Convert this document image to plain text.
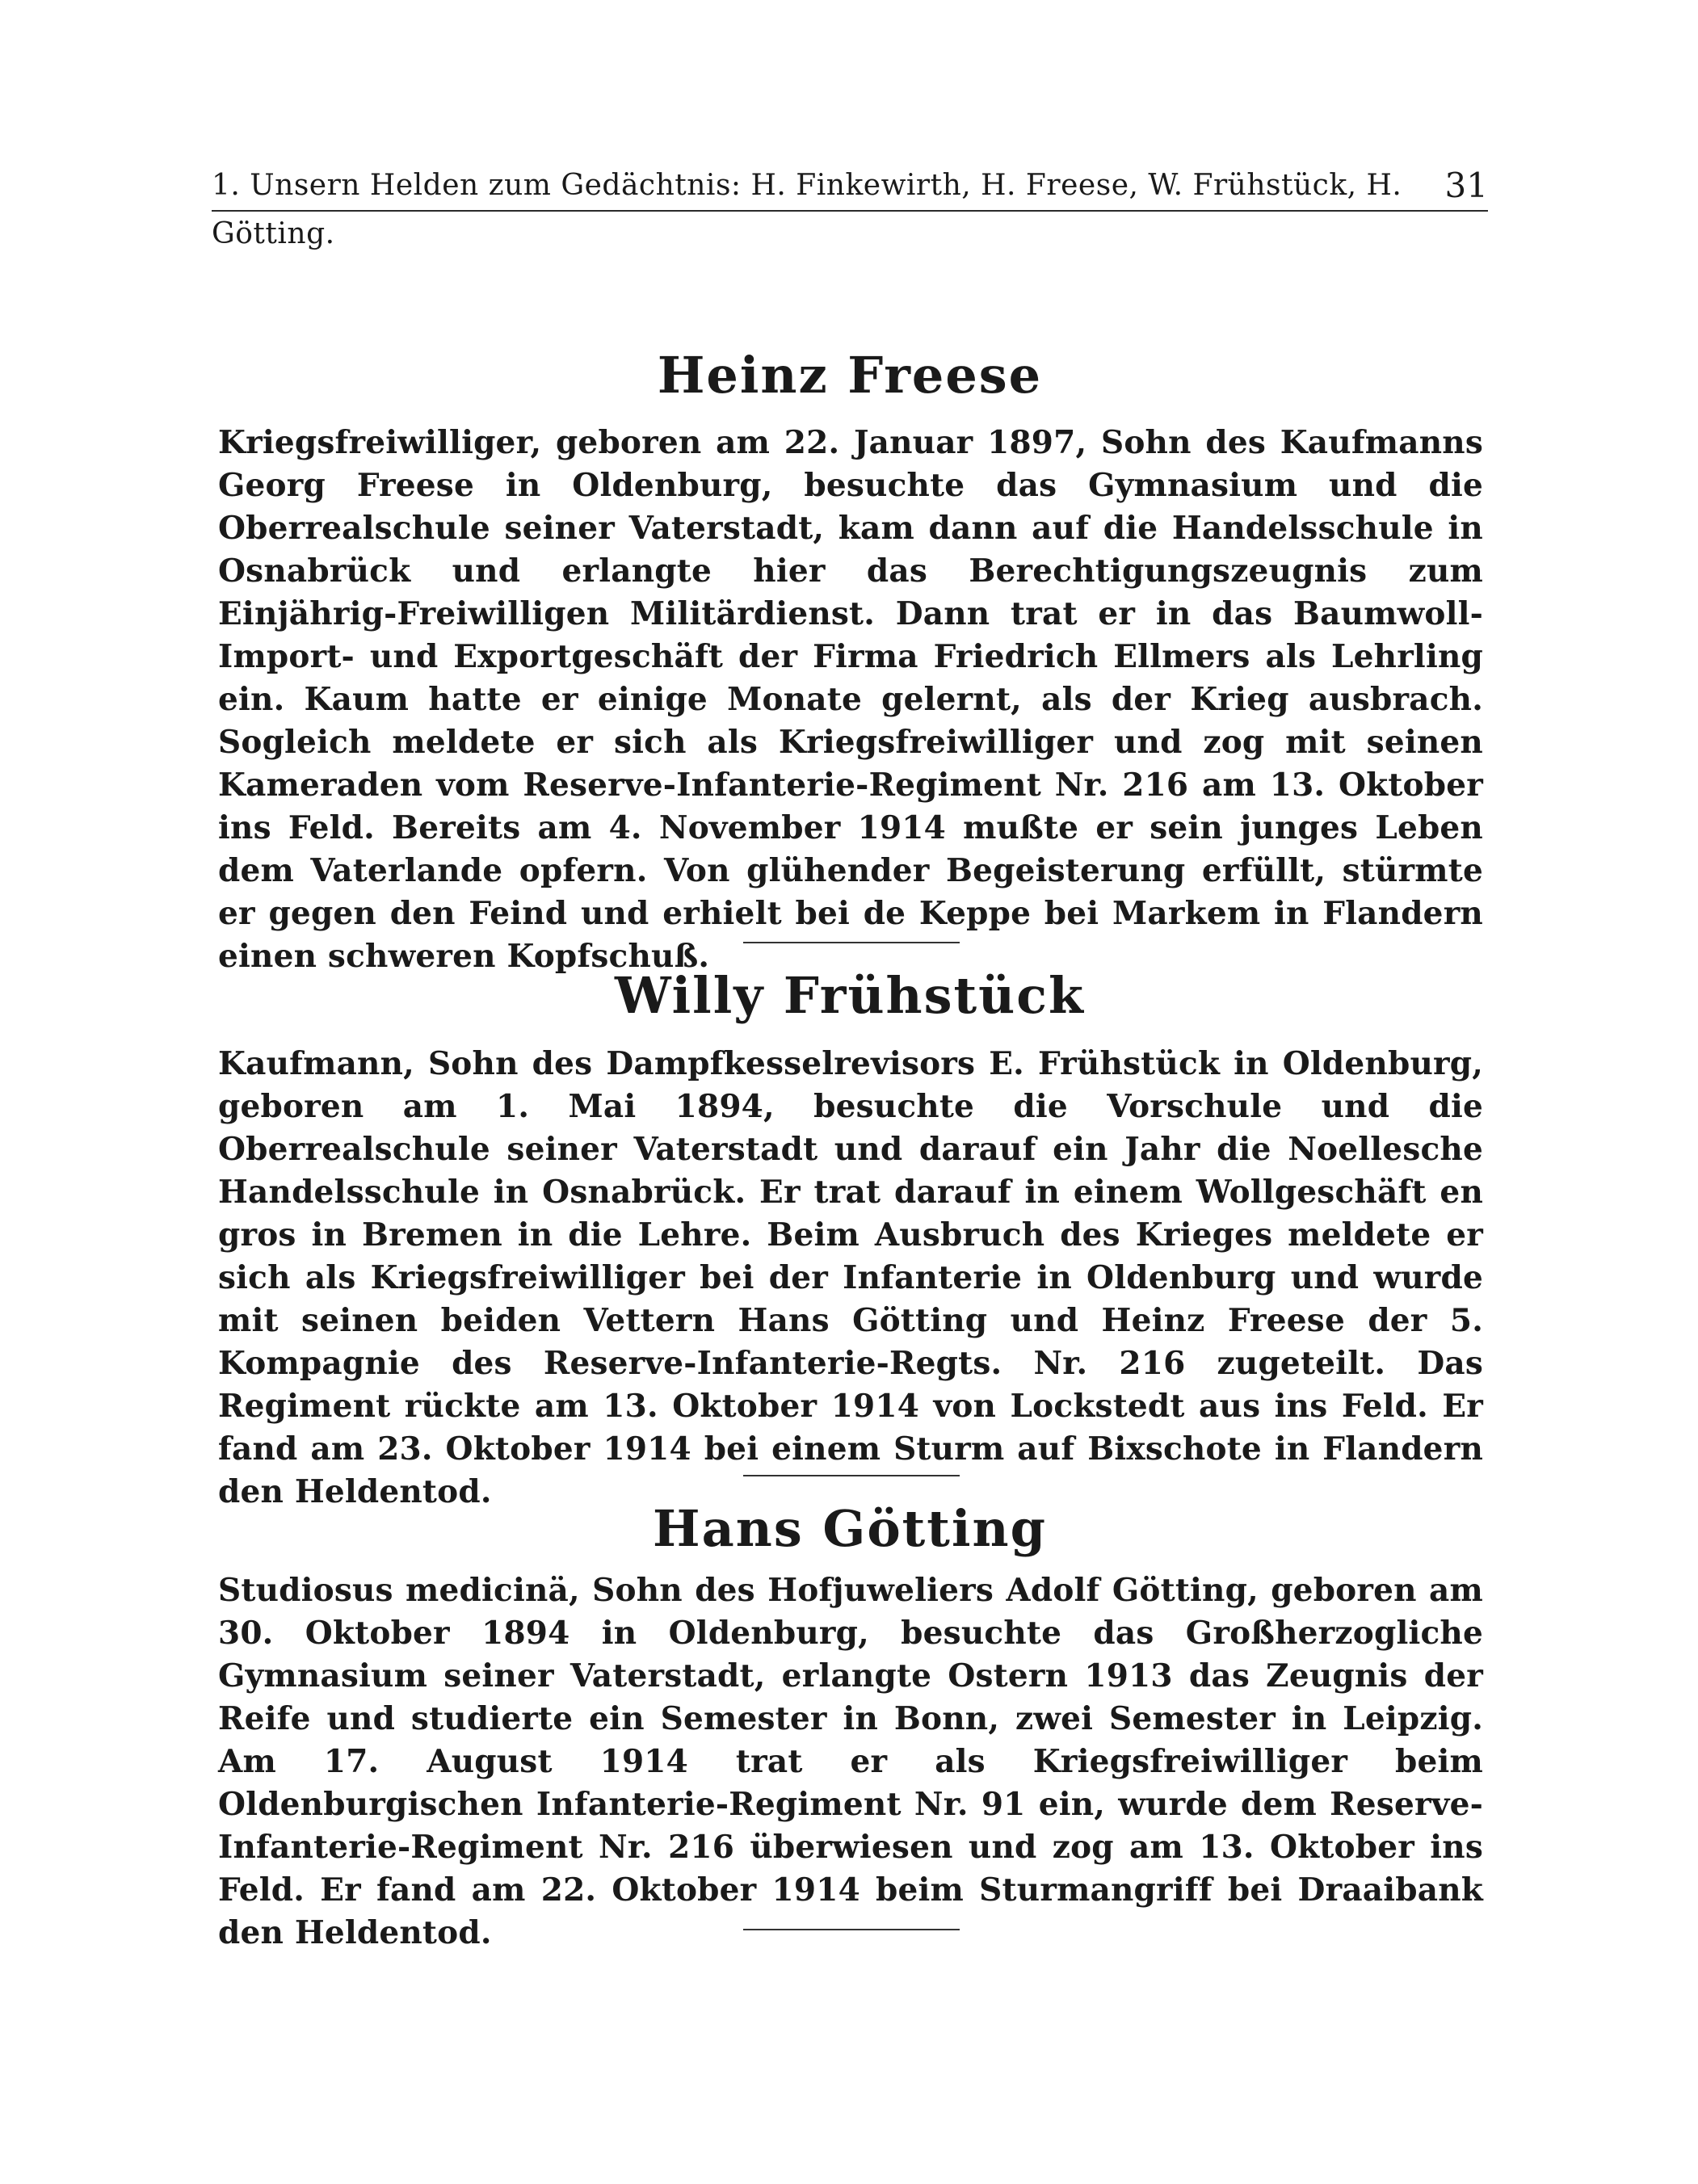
1. Unsern Helden zum Gedächtnis: H. Finkewirth, H. Freese, W. Frühstück, H. Götting.
31
Heinz Freese
Kriegsfreiwilliger, geboren am 22. Januar 1897, Sohn des Kaufmanns Georg Freese in Oldenburg, besuchte das Gymnasium und die Oberrealschule seiner Vaterstadt, kam dann auf die Handelsschule in Osnabrück und erlangte hier das Berechtigungszeugnis zum Einjährig-Freiwilligen Militärdienst. Dann trat er in das Baumwoll-Import- und Exportgeschäft der Firma Friedrich Ellmers als Lehrling ein. Kaum hatte er einige Monate gelernt, als der Krieg ausbrach. Sogleich meldete er sich als Kriegsfreiwilliger und zog mit seinen Kameraden vom Reserve-Infanterie-Regiment Nr. 216 am 13. Oktober ins Feld. Bereits am 4. November 1914 mußte er sein junges Leben dem Vaterlande opfern. Von glühender Begeisterung erfüllt, stürmte er gegen den Feind und erhielt bei de Keppe bei Markem in Flandern einen schweren Kopfschuß.
Willy Frühstück
Kaufmann, Sohn des Dampfkesselrevisors E. Frühstück in Oldenburg, geboren am 1. Mai 1894, besuchte die Vorschule und die Oberrealschule seiner Vaterstadt und darauf ein Jahr die Noellesche Handelsschule in Osnabrück. Er trat darauf in einem Wollgeschäft en gros in Bremen in die Lehre. Beim Ausbruch des Krieges meldete er sich als Kriegsfreiwilliger bei der Infanterie in Oldenburg und wurde mit seinen beiden Vettern Hans Götting und Heinz Freese der 5. Kompagnie des Reserve-Infanterie-Regts. Nr. 216 zugeteilt. Das Regiment rückte am 13. Oktober 1914 von Lockstedt aus ins Feld. Er fand am 23. Oktober 1914 bei einem Sturm auf Bixschote in Flandern den Heldentod.
Hans Götting
Studiosus medicinä, Sohn des Hofjuweliers Adolf Götting, geboren am 30. Oktober 1894 in Oldenburg, besuchte das Großherzogliche Gymnasium seiner Vaterstadt, erlangte Ostern 1913 das Zeugnis der Reife und studierte ein Semester in Bonn, zwei Semester in Leipzig. Am 17. August 1914 trat er als Kriegsfreiwilliger beim Oldenburgischen Infanterie-Regiment Nr. 91 ein, wurde dem Reserve-Infanterie-Regiment Nr. 216 überwiesen und zog am 13. Oktober ins Feld. Er fand am 22. Oktober 1914 beim Sturmangriff bei Draaibank den Heldentod.
